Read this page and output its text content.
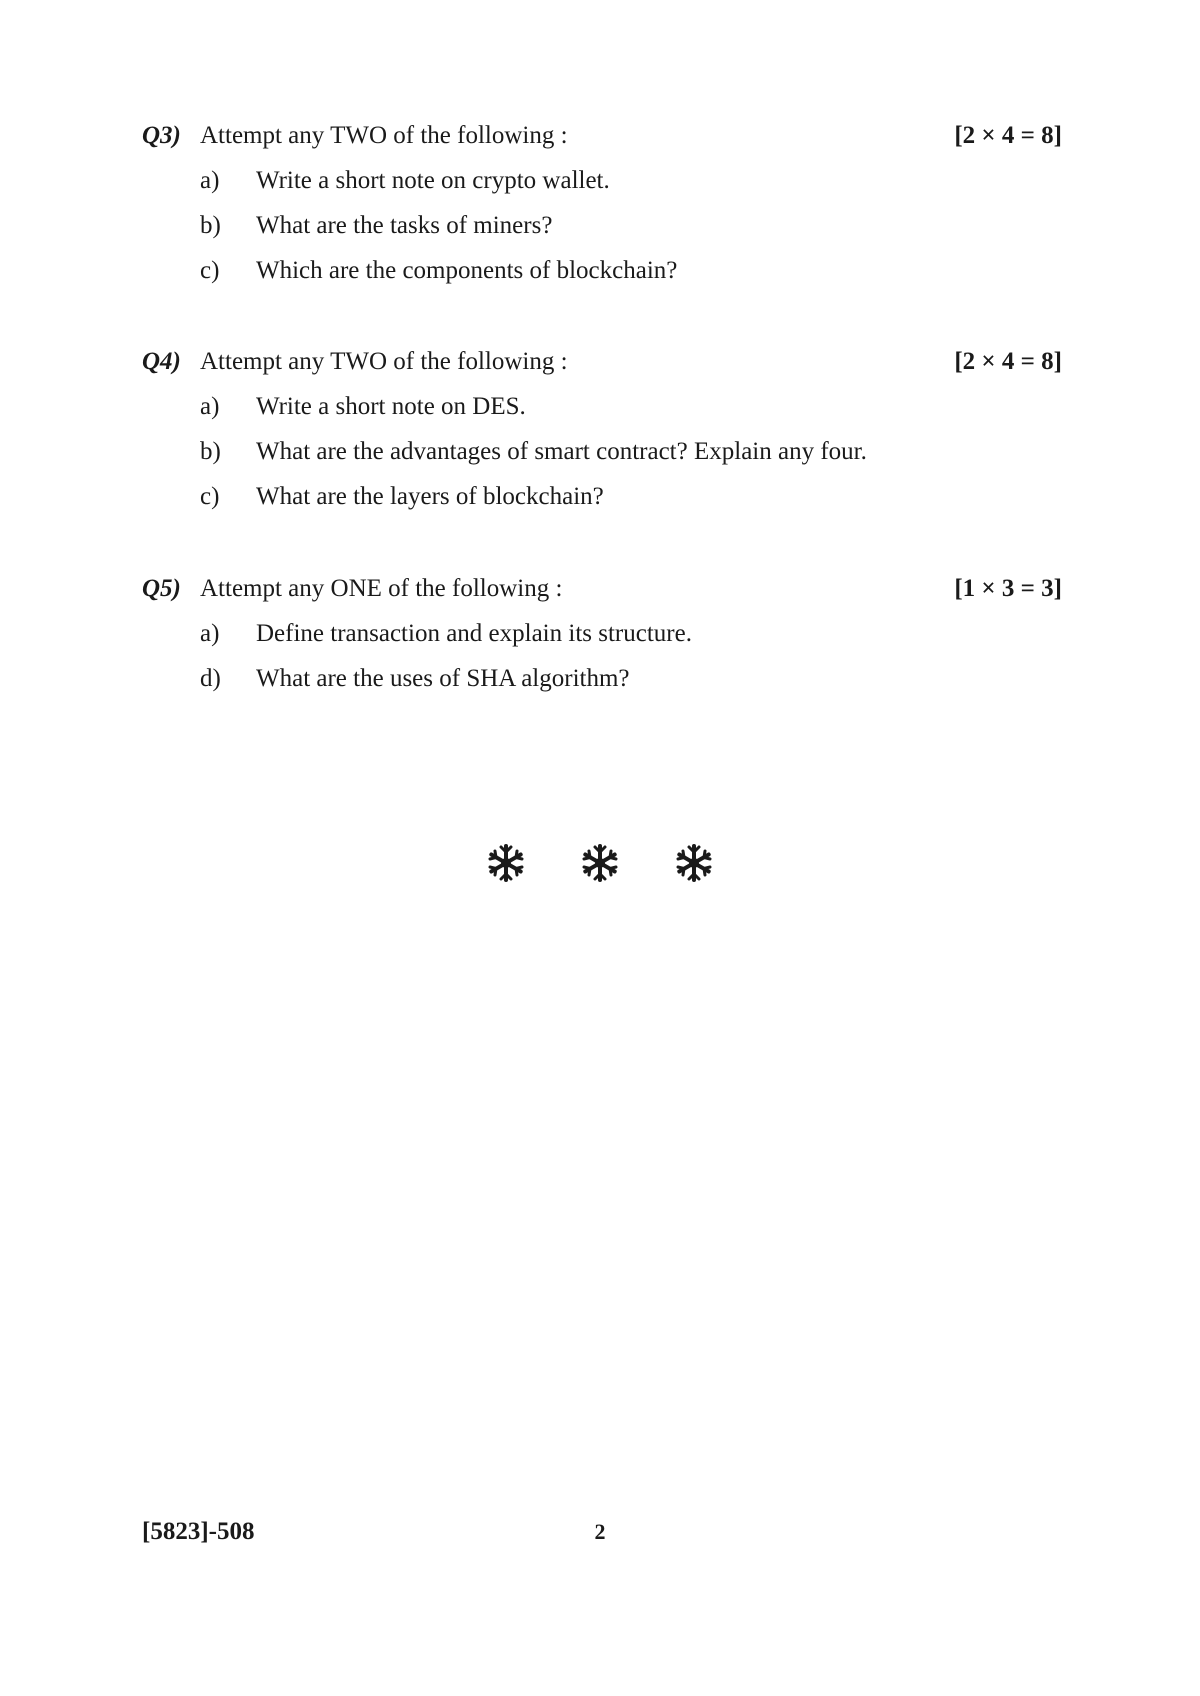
Q3) Attempt any TWO of the following :	[2 × 4 = 8]
a) Write a short note on crypto wallet.
b) What are the tasks of miners?
c) Which are the components of blockchain?
Q4) Attempt any TWO of the following :	[2 × 4 = 8]
a) Write a short note on DES.
b) What are the advantages of smart contract? Explain any four.
c) What are the layers of blockchain?
Q5) Attempt any ONE of the following :	[1 × 3 = 3]
a) Define transaction and explain its structure.
d) What are the uses of SHA algorithm?

[5823]-508	2
